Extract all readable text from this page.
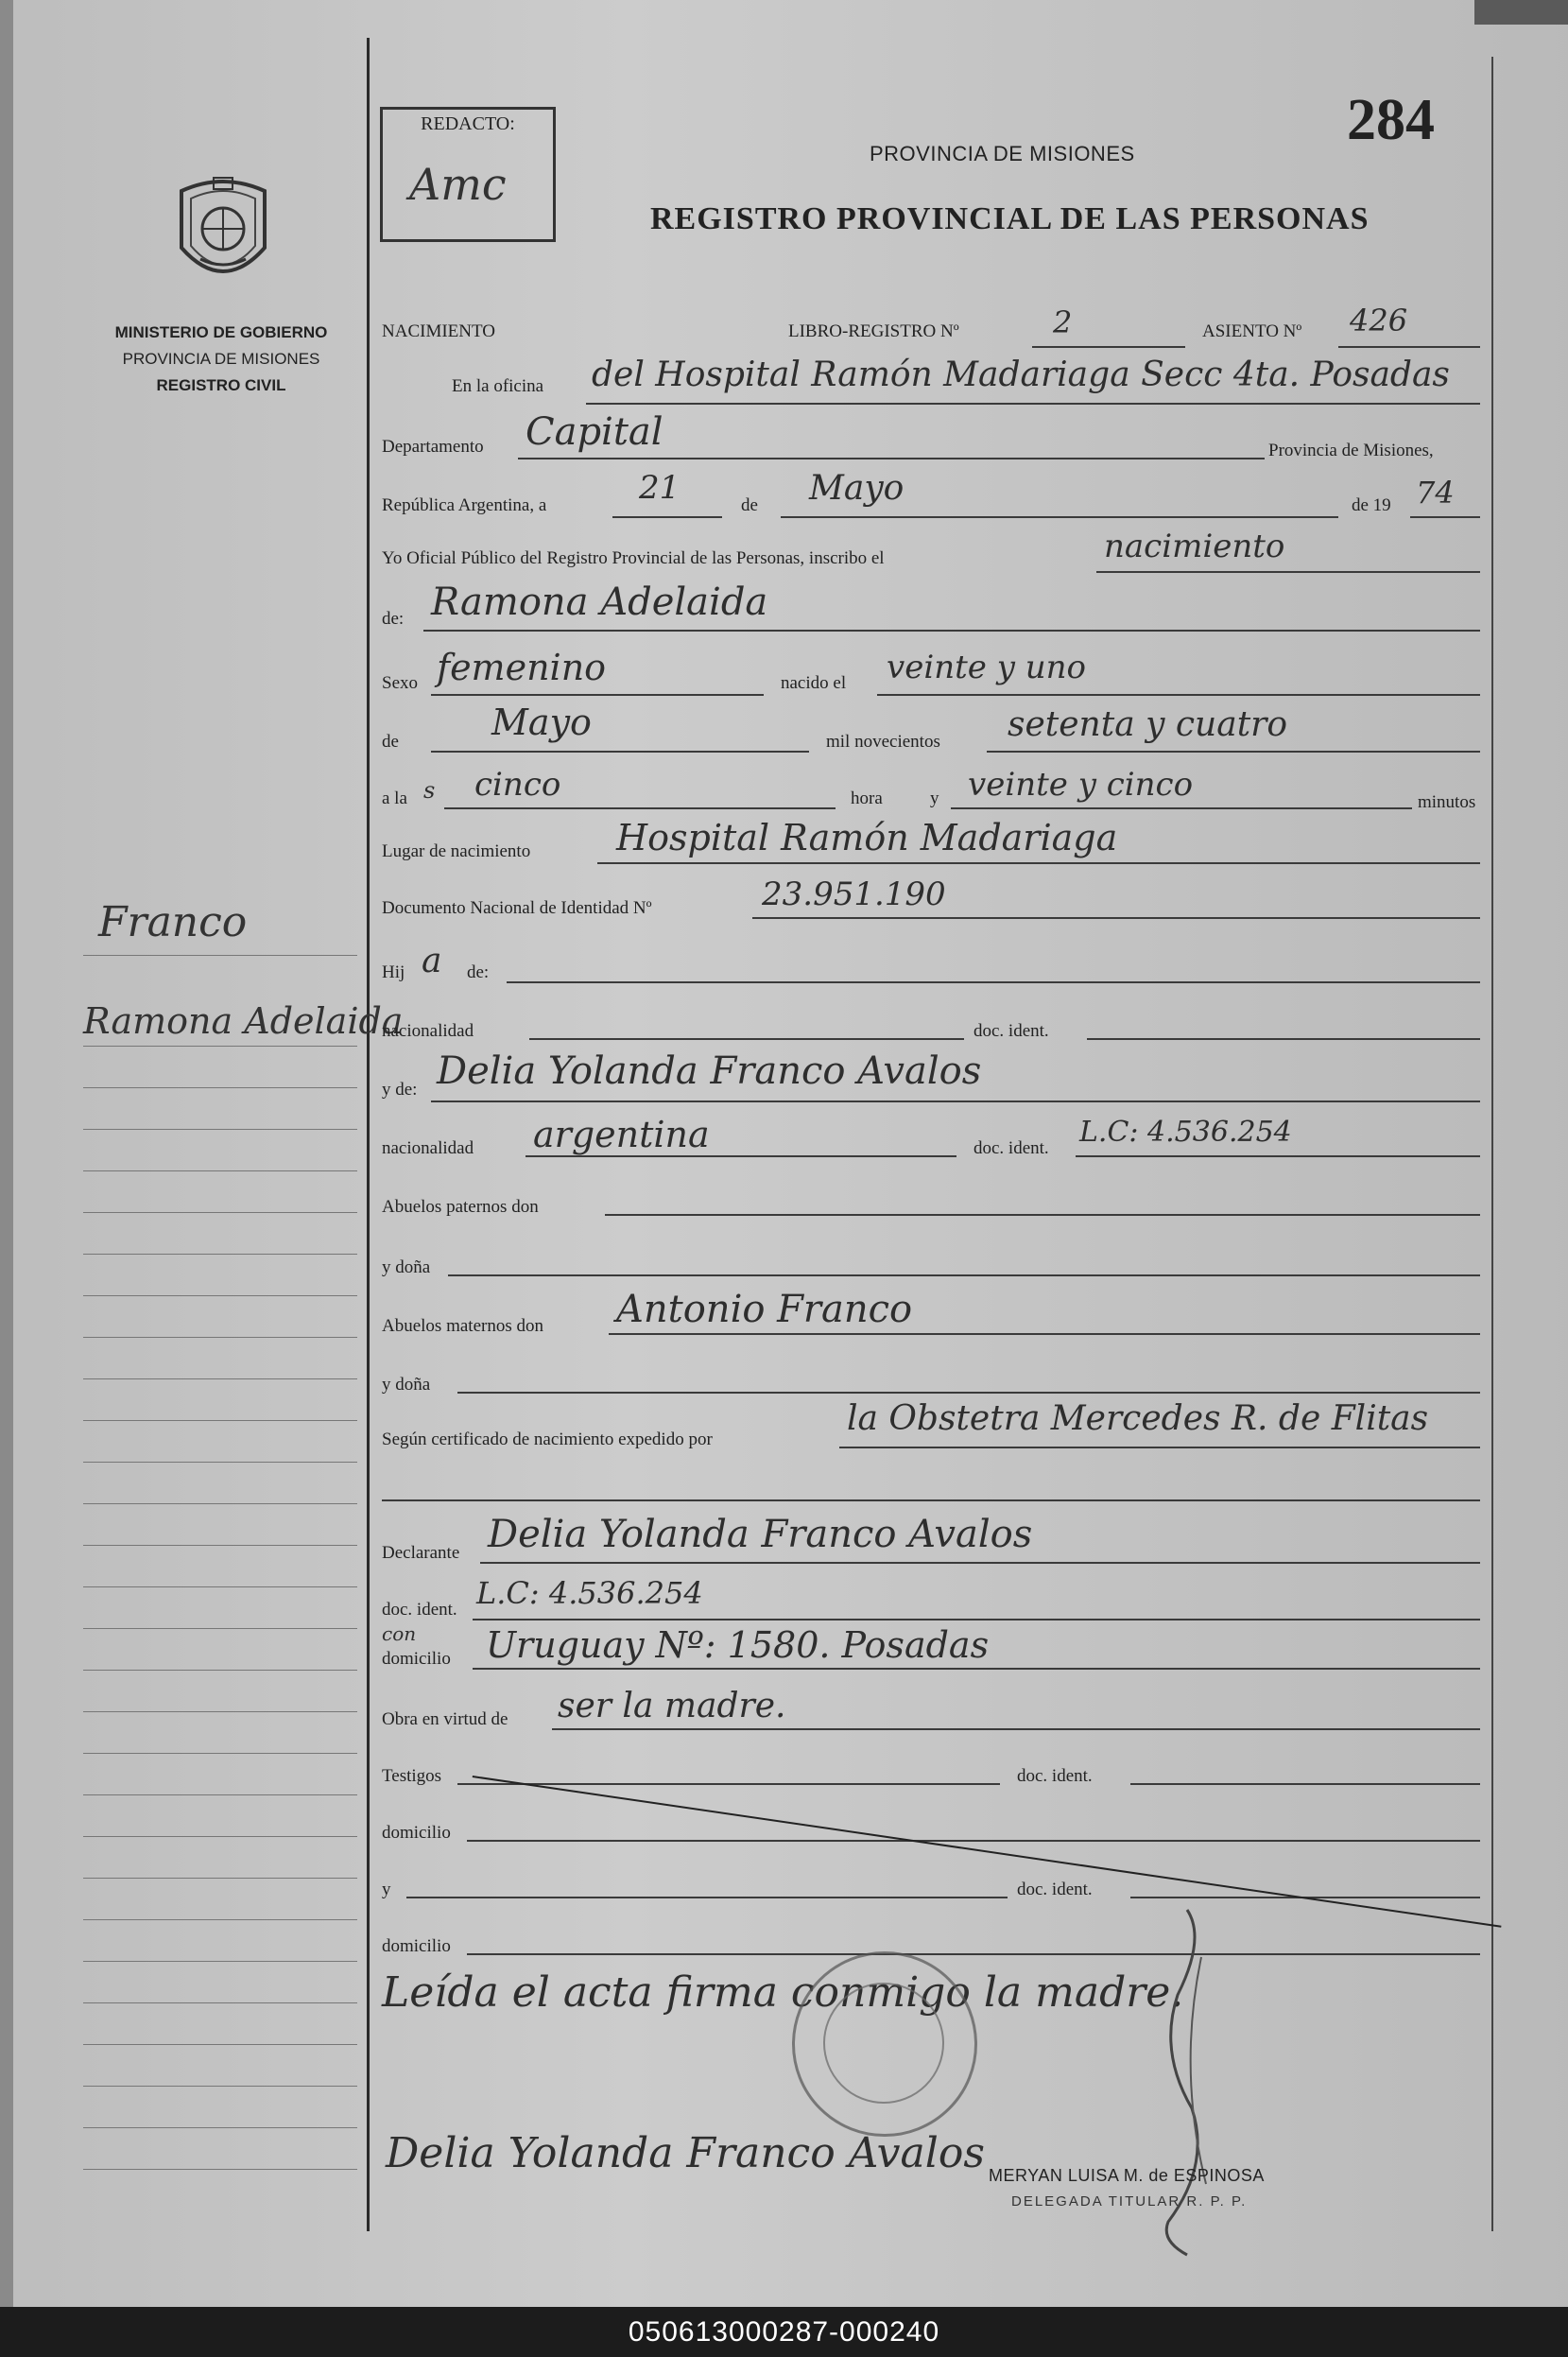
REDACTO:
Amc
284
PROVINCIA DE MISIONES
REGISTRO PROVINCIAL DE LAS PERSONAS
MINISTERIO DE GOBIERNO
PROVINCIA DE MISIONES
REGISTRO CIVIL
Franco
Ramona Adelaida
NACIMIENTO	LIBRO-REGISTRO Nº	2	ASIENTO Nº 426
En la oficina del Hospital Ramón Madariaga Secc 4ta. Posadas
Departamento Capital	Provincia de Misiones,
República Argentina, a	21	de Mayo	de 19 74
Yo Oficial Público del Registro Provincial de las Personas, inscribo el	nacimiento
de: Ramona Adelaida
Sexo femenino	nacido el veinte y uno
de	Mayo	mil novecientos setenta y cuatro
a la s cinco	hora	y veinte y cinco	minutos
Lugar de nacimiento Hospital Ramón Madariaga
Documento Nacional de Identidad Nº	23.951.190
Hij a de:
nacionalidad	doc. ident.
y de: Delia Yolanda Franco Avalos
nacionalidad argentina	doc. ident. L.C: 4.536.254
Abuelos paternos don
y doña
Abuelos maternos don Antonio Franco
y doña
Según certificado de nacimiento expedido por
la Obstetra Mercedes R. de Flitas
Declarante Delia Yolanda Franco Avalos
doc. ident. L.C: 4.536.254
con
domicilio Uruguay Nº: 1580. Posadas
Obra en virtud de ser la madre.
Testigos	doc. ident.
domicilio
y	doc. ident.
domicilio
Leída el acta firma conmigo la madre.
Delia Yolanda Franco Avalos MERYAN LUISA M. de ESPINOSA
DELEGADA TITULAR R. P. P.
050613000287-000240
